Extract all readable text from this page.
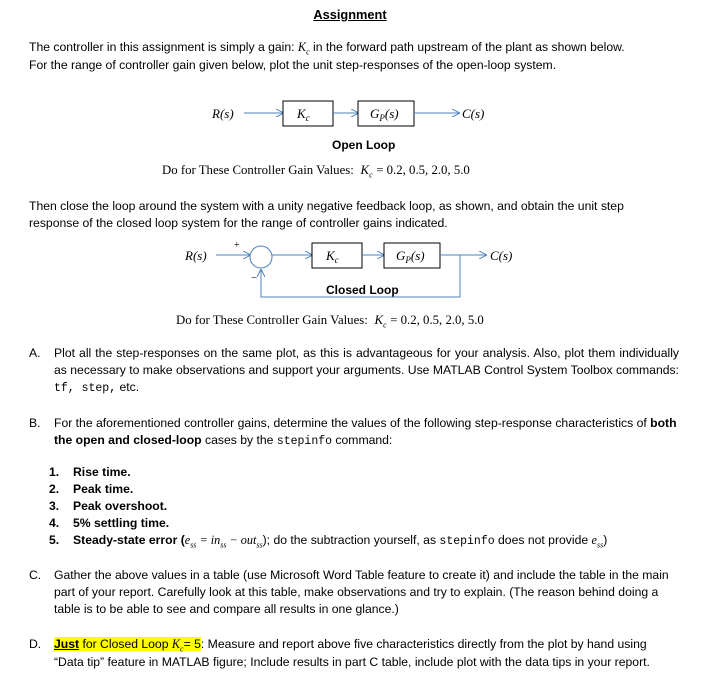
Assignment
The controller in this assignment is simply a gain: $K_c$ in the forward path upstream of the plant as shown below.
For the range of controller gain given below, plot the unit step-responses of the open-loop system.
R(s)	$K_c$	$G_P(s)$	C(s)
Open Loop
Do for These Controller Gain Values:  $K_c = 0.2$, 0.5, 2.0, 5.0
Then close the loop around the system with a unity negative feedback loop, as shown, and obtain the unit step
response of the closed loop system for the range of controller gains indicated.
R(s)
+
−
$K_c$	$G_P(s)$	C(s)
Closed Loop
Do for These Controller Gain Values:  $K_c = 0.2$, 0.5, 2.0, 5.0
A. Plot all the step-responses on the same plot, as this is advantageous for your analysis. Also, plot them individually as necessary to make observations and support your arguments. Use MATLAB Control System Toolbox commands: tf, step, etc.
B. For the aforementioned controller gains, determine the values of the following step-response characteristics of both the open and closed-loop cases by the stepinfo command:
1. Rise time.
2. Peak time.
3. Peak overshoot.
4. 5% settling time.
5. Steady-state error $(e_{ss} = in_{ss} - out_{ss})$; do the subtraction yourself, as stepinfo does not provide $e_{ss}$)
C. Gather the above values in a table (use Microsoft Word Table feature to create it) and include the table in the main part of your report. Carefully look at this table, make observations and try to explain. (The reason behind doing a table is to be able to see and compare all results in one glance.)
D. Just for Closed Loop $K_c= 5$: Measure and report above five characteristics directly from the plot by hand using “Data tip” feature in MATLAB figure; Include results in part C table, include plot with the data tips in your report.
